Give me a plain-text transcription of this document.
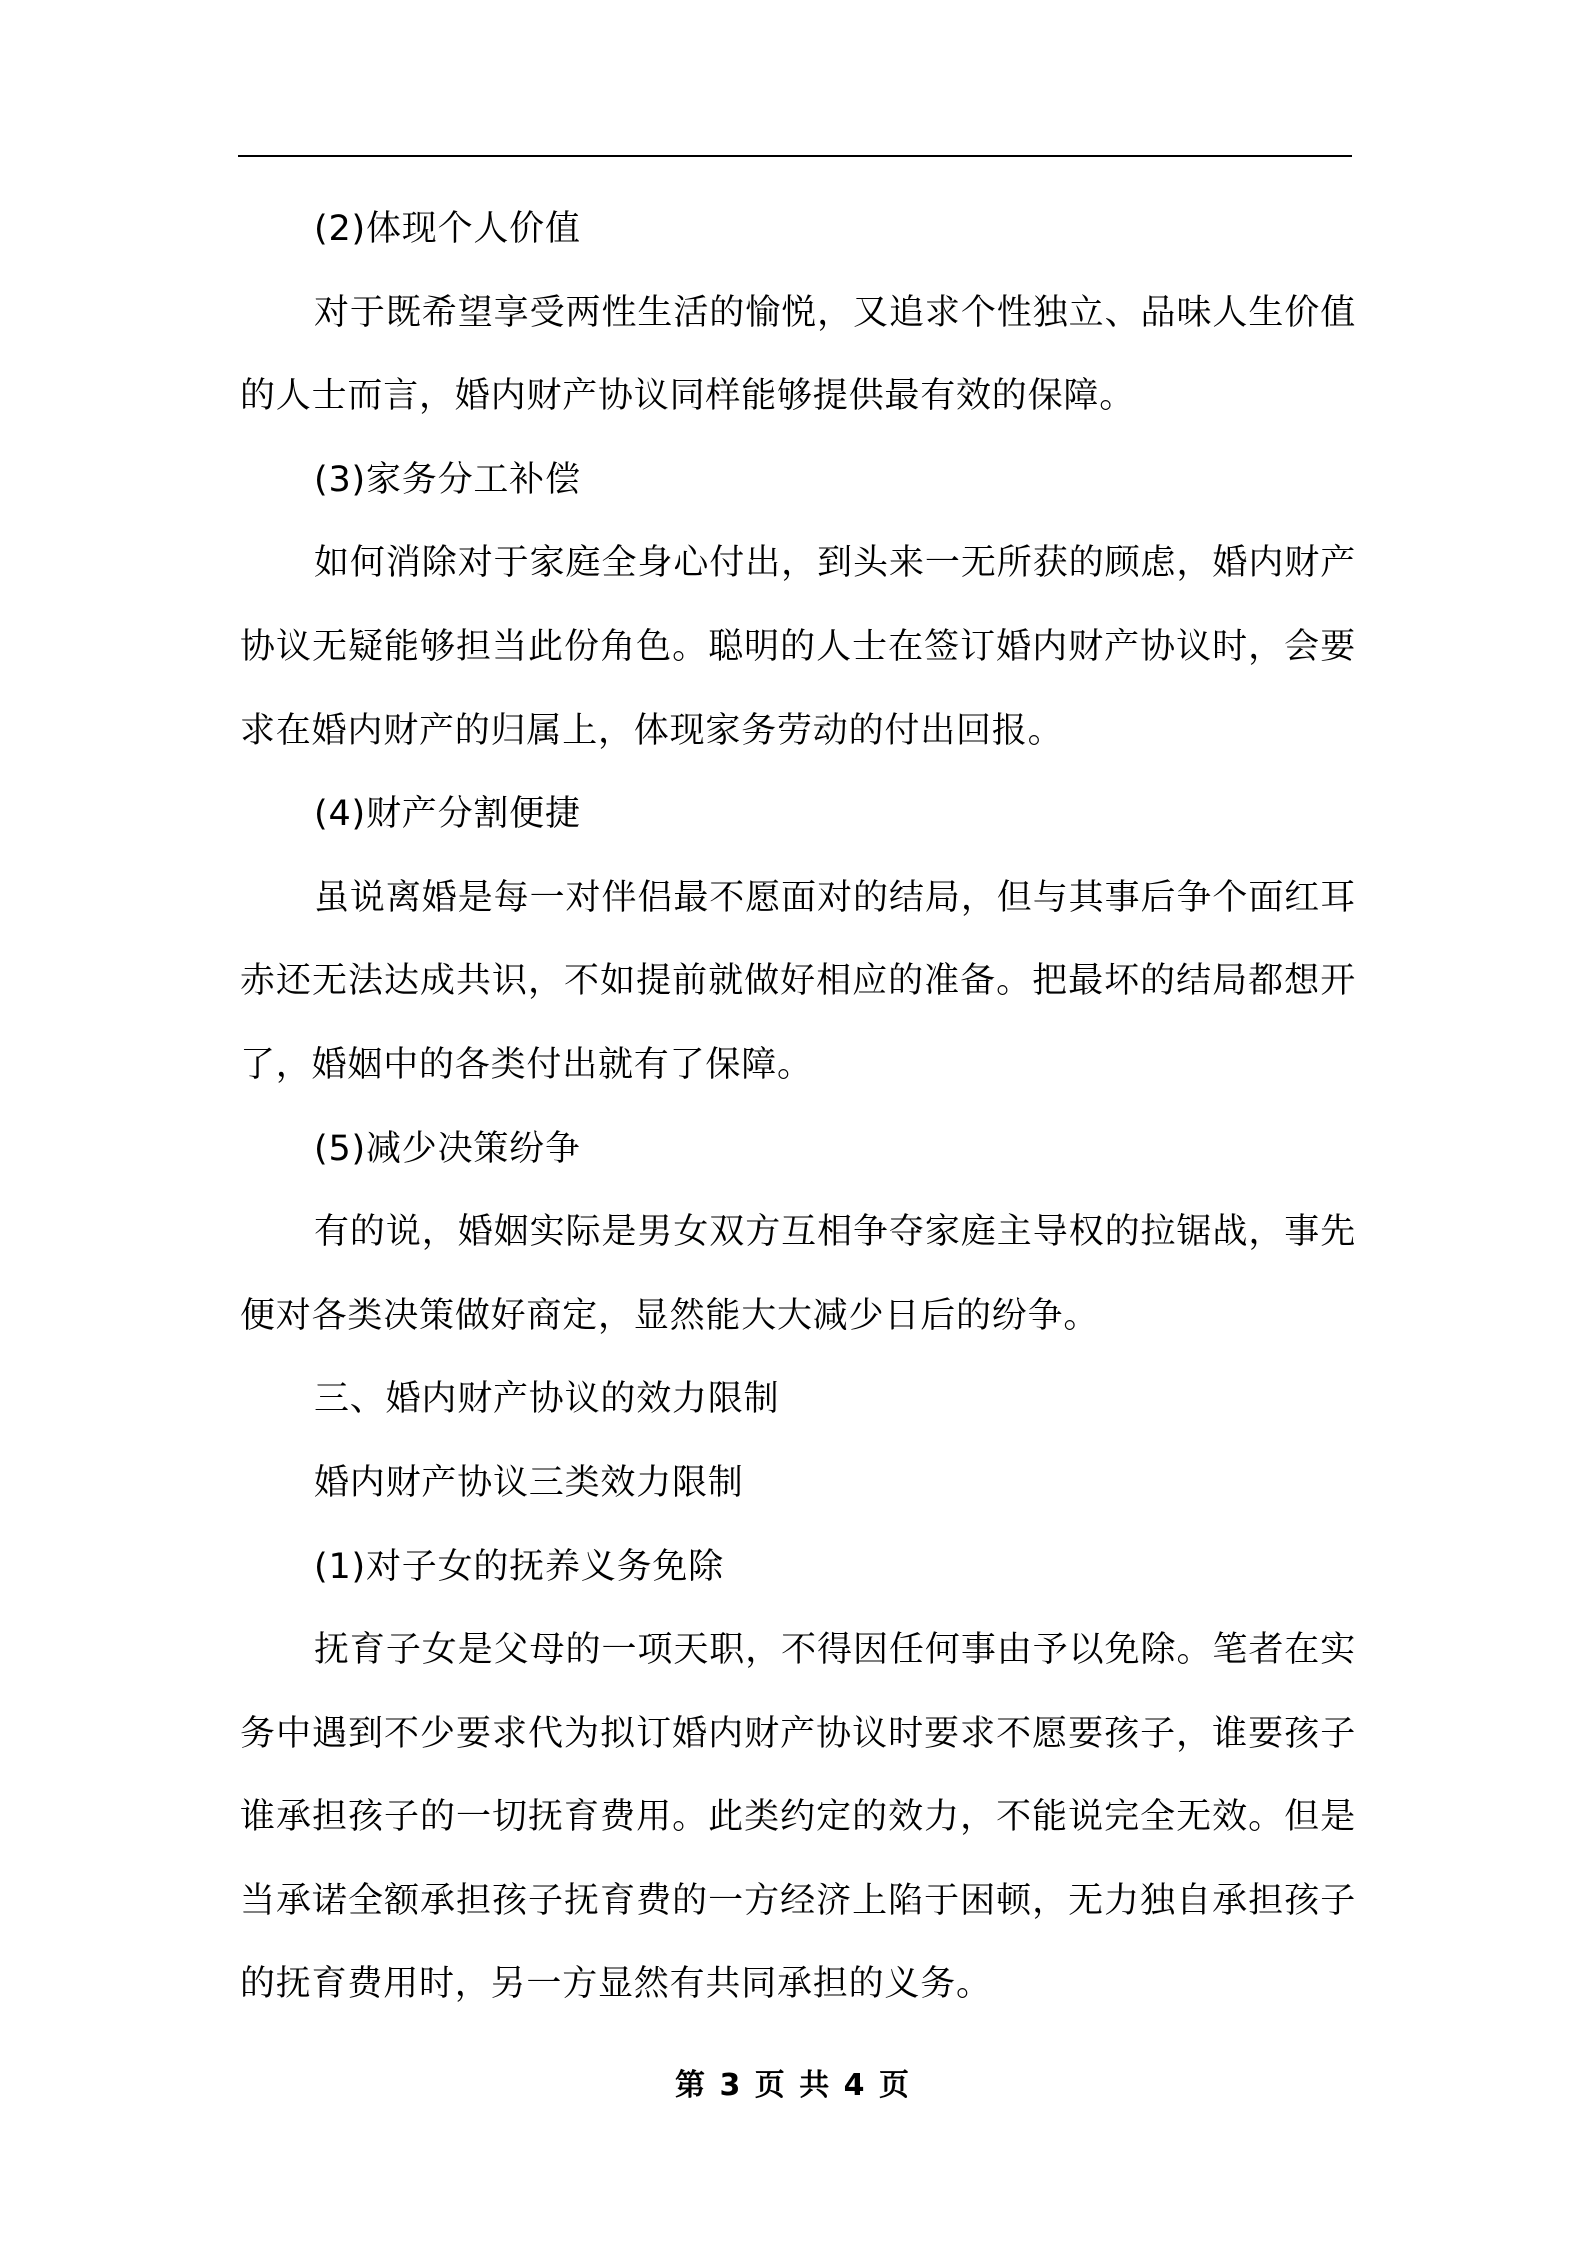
(2)体现个人价值

对于既希望享受两性生活的愉悦，又追求个性独立、品味人生价值的人士而言，婚内财产协议同样能够提供最有效的保障。

(3)家务分工补偿

如何消除对于家庭全身心付出，到头来一无所获的顾虑，婚内财产协议无疑能够担当此份角色。聪明的人士在签订婚内财产协议时，会要求在婚内财产的归属上，体现家务劳动的付出回报。

(4)财产分割便捷

虽说离婚是每一对伴侣最不愿面对的结局，但与其事后争个面红耳赤还无法达成共识，不如提前就做好相应的准备。把最坏的结局都想开了，婚姻中的各类付出就有了保障。

(5)减少决策纷争

有的说，婚姻实际是男女双方互相争夺家庭主导权的拉锯战，事先便对各类决策做好商定，显然能大大减少日后的纷争。

三、婚内财产协议的效力限制

婚内财产协议三类效力限制

(1)对子女的抚养义务免除

抚育子女是父母的一项天职，不得因任何事由予以免除。笔者在实务中遇到不少要求代为拟订婚内财产协议时要求不愿要孩子，谁要孩子谁承担孩子的一切抚育费用。此类约定的效力，不能说完全无效。但是当承诺全额承担孩子抚育费的一方经济上陷于困顿，无力独自承担孩子的抚育费用时，另一方显然有共同承担的义务。

第 3 页 共 4 页
